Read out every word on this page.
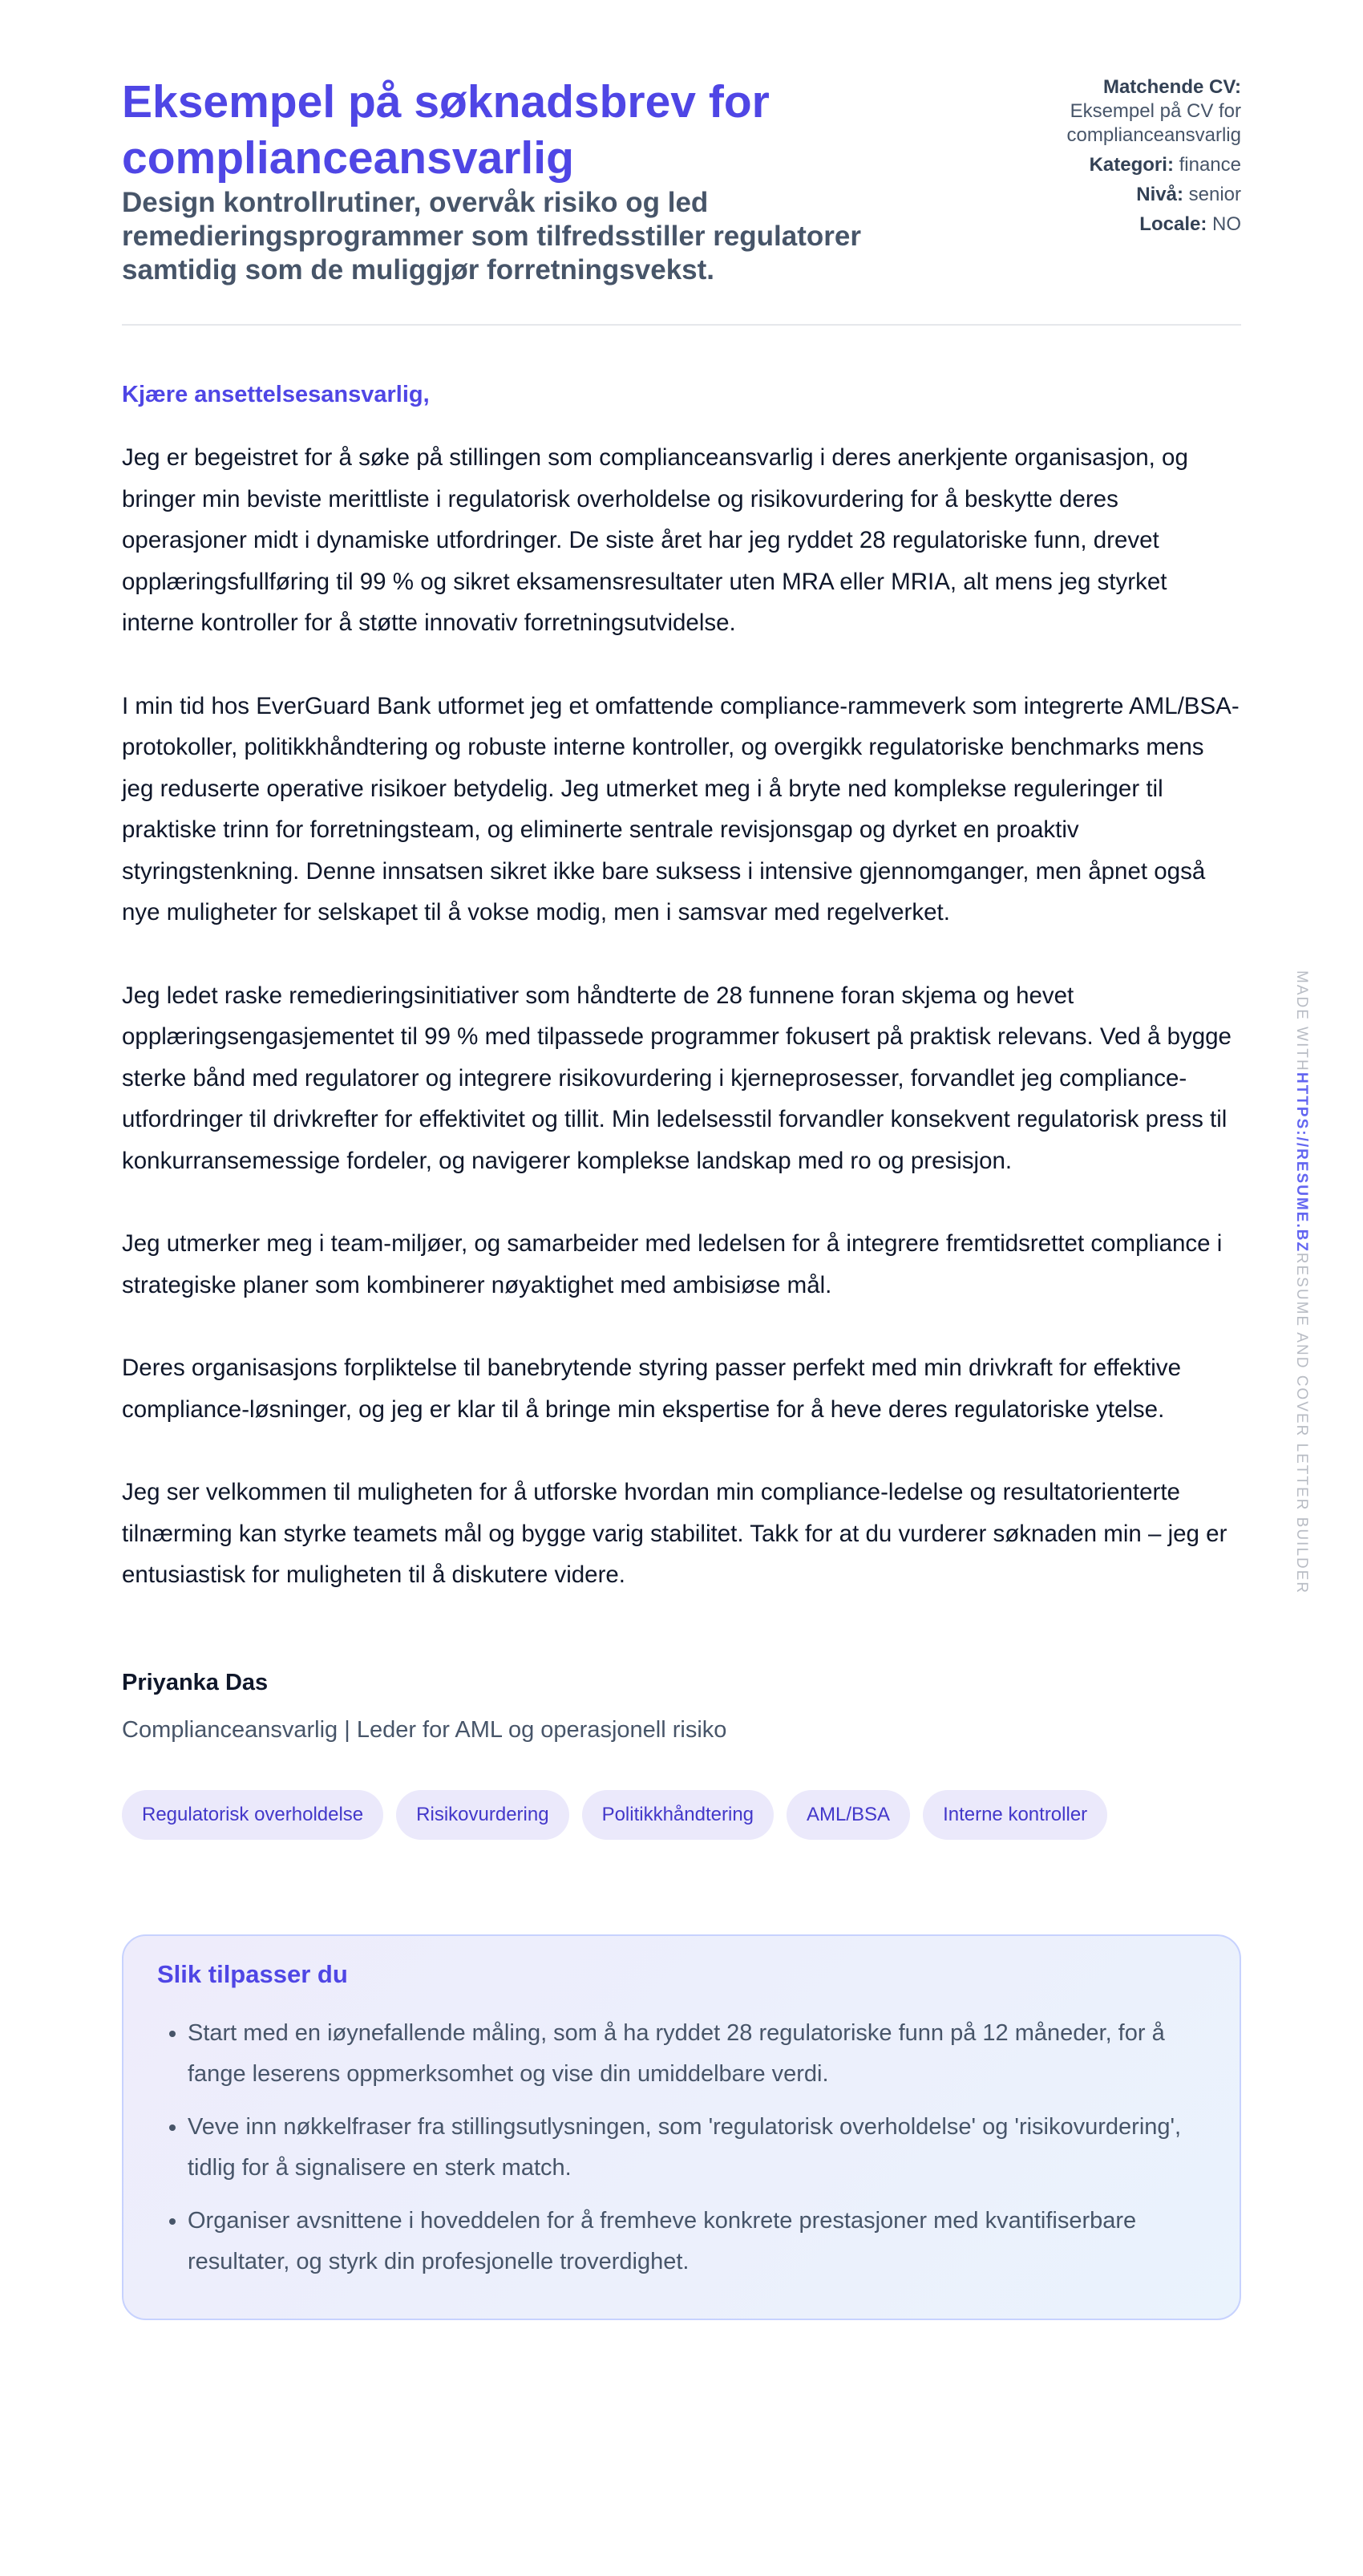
Eksempel på søknadsbrev for complianceansvarlig

Design kontrollrutiner, overvåk risiko og led remedieringsprogrammer som tilfredsstiller regulatorer samtidig som de muliggjør forretningsvekst.

Matchende CV:
Eksempel på CV for complianceansvarlig
Kategori: finance
Nivå: senior
Locale: NO
Kjære ansettelsesansvarlig,

Jeg er begeistret for å søke på stillingen som complianceansvarlig i deres anerkjente organisasjon, og bringer min beviste merittliste i regulatorisk overholdelse og risikovurdering for å beskytte deres operasjoner midt i dynamiske utfordringer. De siste året har jeg ryddet 28 regulatoriske funn, drevet opplæringsfullføring til 99 % og sikret eksamensresultater uten MRA eller MRIA, alt mens jeg styrket interne kontroller for å støtte innovativ forretningsutvidelse.

I min tid hos EverGuard Bank utformet jeg et omfattende compliance-rammeverk som integrerte AML/BSA-protokoller, politikkhåndtering og robuste interne kontroller, og overgikk regulatoriske benchmarks mens jeg reduserte operative risikoer betydelig. Jeg utmerket meg i å bryte ned komplekse reguleringer til praktiske trinn for forretningsteam, og eliminerte sentrale revisjonsgap og dyrket en proaktiv styringstenkning. Denne innsatsen sikret ikke bare suksess i intensive gjennomganger, men åpnet også nye muligheter for selskapet til å vokse modig, men i samsvar med regelverket.

Jeg ledet raske remedieringsinitiativer som håndterte de 28 funnene foran skjema og hevet opplæringsengasjementet til 99 % med tilpassede programmer fokusert på praktisk relevans. Ved å bygge sterke bånd med regulatorer og integrere risikovurdering i kjerneprosesser, forvandlet jeg compliance-utfordringer til drivkrefter for effektivitet og tillit. Min ledelsesstil forvandler konsekvent regulatorisk press til konkurransemessige fordeler, og navigerer komplekse landskap med ro og presisjon.

Jeg utmerker meg i team-miljøer, og samarbeider med ledelsen for å integrere fremtidsrettet compliance i strategiske planer som kombinerer nøyaktighet med ambisiøse mål.

Deres organisasjons forpliktelse til banebrytende styring passer perfekt med min drivkraft for effektive compliance-løsninger, og jeg er klar til å bringe min ekspertise for å heve deres regulatoriske ytelse.

Jeg ser velkommen til muligheten for å utforske hvordan min compliance-ledelse og resultatorienterte tilnærming kan styrke teamets mål og bygge varig stabilitet. Takk for at du vurderer søknaden min – jeg er entusiastisk for muligheten til å diskutere videre.

Priyanka Das
Complianceansvarlig | Leder for AML og operasjonell risiko
Regulatorisk overholdelse	Risikovurdering	Politikkhåndtering	AML/BSA	Interne kontroller
Slik tilpasser du
• Start med en iøynefallende måling, som å ha ryddet 28 regulatoriske funn på 12 måneder, for å fange leserens oppmerksomhet og vise din umiddelbare verdi.
• Veve inn nøkkelfraser fra stillingsutlysningen, som 'regulatorisk overholdelse' og 'risikovurdering', tidlig for å signalisere en sterk match.
• Organiser avsnittene i hoveddelen for å fremheve konkrete prestasjoner med kvantifiserbare resultater, og styrk din profesjonelle troverdighet.
MADE WITHHTTPS://RESUME.BZRESUME AND COVER LETTER BUILDER
